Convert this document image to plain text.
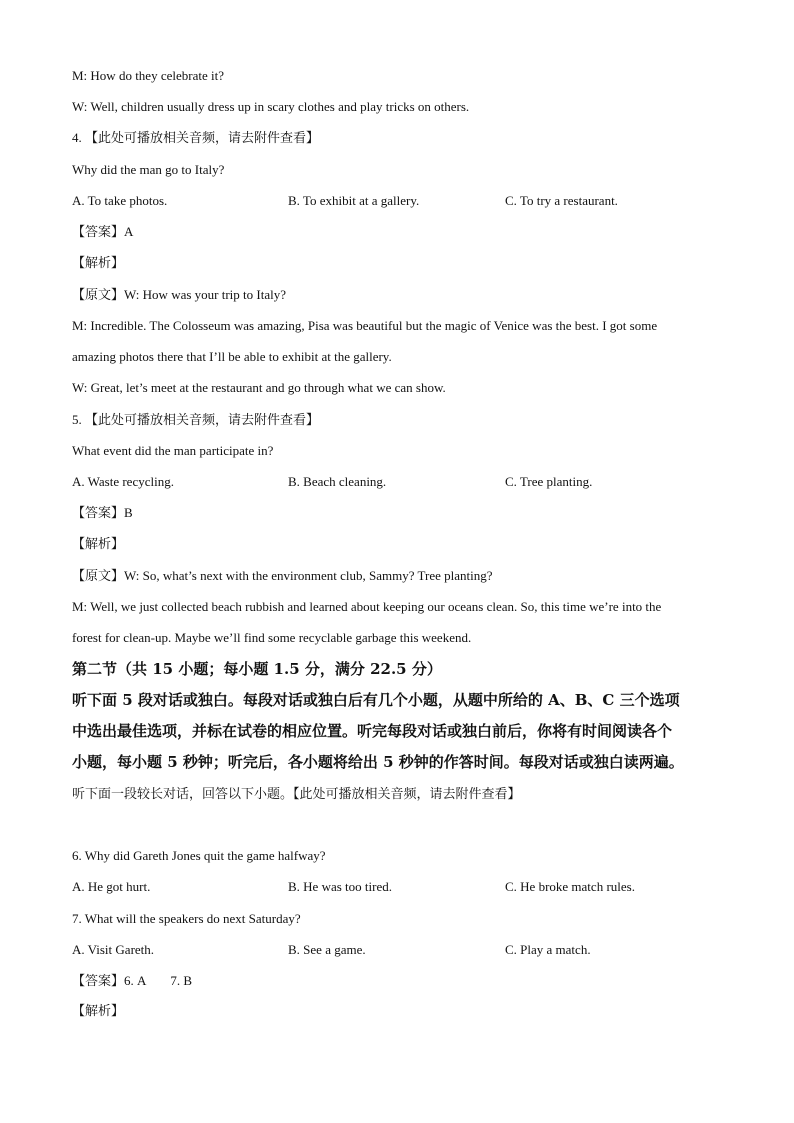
M: How do they celebrate it?
W: Well, children usually dress up in scary clothes and play tricks on others.
4. 【此处可播放相关音频，请去附件查看】
Why did the man go to Italy?
A. To take photos.	B. To exhibit at a gallery.	C. To try a restaurant.
【答案】A
【解析】
【原文】W: How was your trip to Italy?
M: Incredible. The Colosseum was amazing, Pisa was beautiful but the magic of Venice was the best. I got some
amazing photos there that I’ll be able to exhibit at the gallery.
W: Great, let’s meet at the restaurant and go through what we can show.
5. 【此处可播放相关音频，请去附件查看】
What event did the man participate in?
A. Waste recycling.	B. Beach cleaning.	C. Tree planting.
【答案】B
【解析】
【原文】W: So, what’s next with the environment club, Sammy? Tree planting?
M: Well, we just collected beach rubbish and learned about keeping our oceans clean. So, this time we’re into the
forest for clean-up. Maybe we’ll find some recyclable garbage this weekend.
第二节（共 15 小题；每小题 1.5 分，满分 22.5 分）
听下面 5 段对话或独白。每段对话或独白后有几个小题，从题中所给的 A、B、C 三个选项
中选出最佳选项，并标在试卷的相应位置。听完每段对话或独白前后，你将有时间阅读各个
小题，每小题 5 秒钟；听完后，各小题将给出 5 秒钟的作答时间。每段对话或独白读两遍。
听下面一段较长对话，回答以下小题。【此处可播放相关音频，请去附件查看】
6. Why did Gareth Jones quit the game halfway?
A. He got hurt.	B. He was too tired.	C. He broke match rules.
7. What will the speakers do next Saturday?
A. Visit Gareth.	B. See a game.	C. Play a match.
【答案】6. A 7. B
【解析】
